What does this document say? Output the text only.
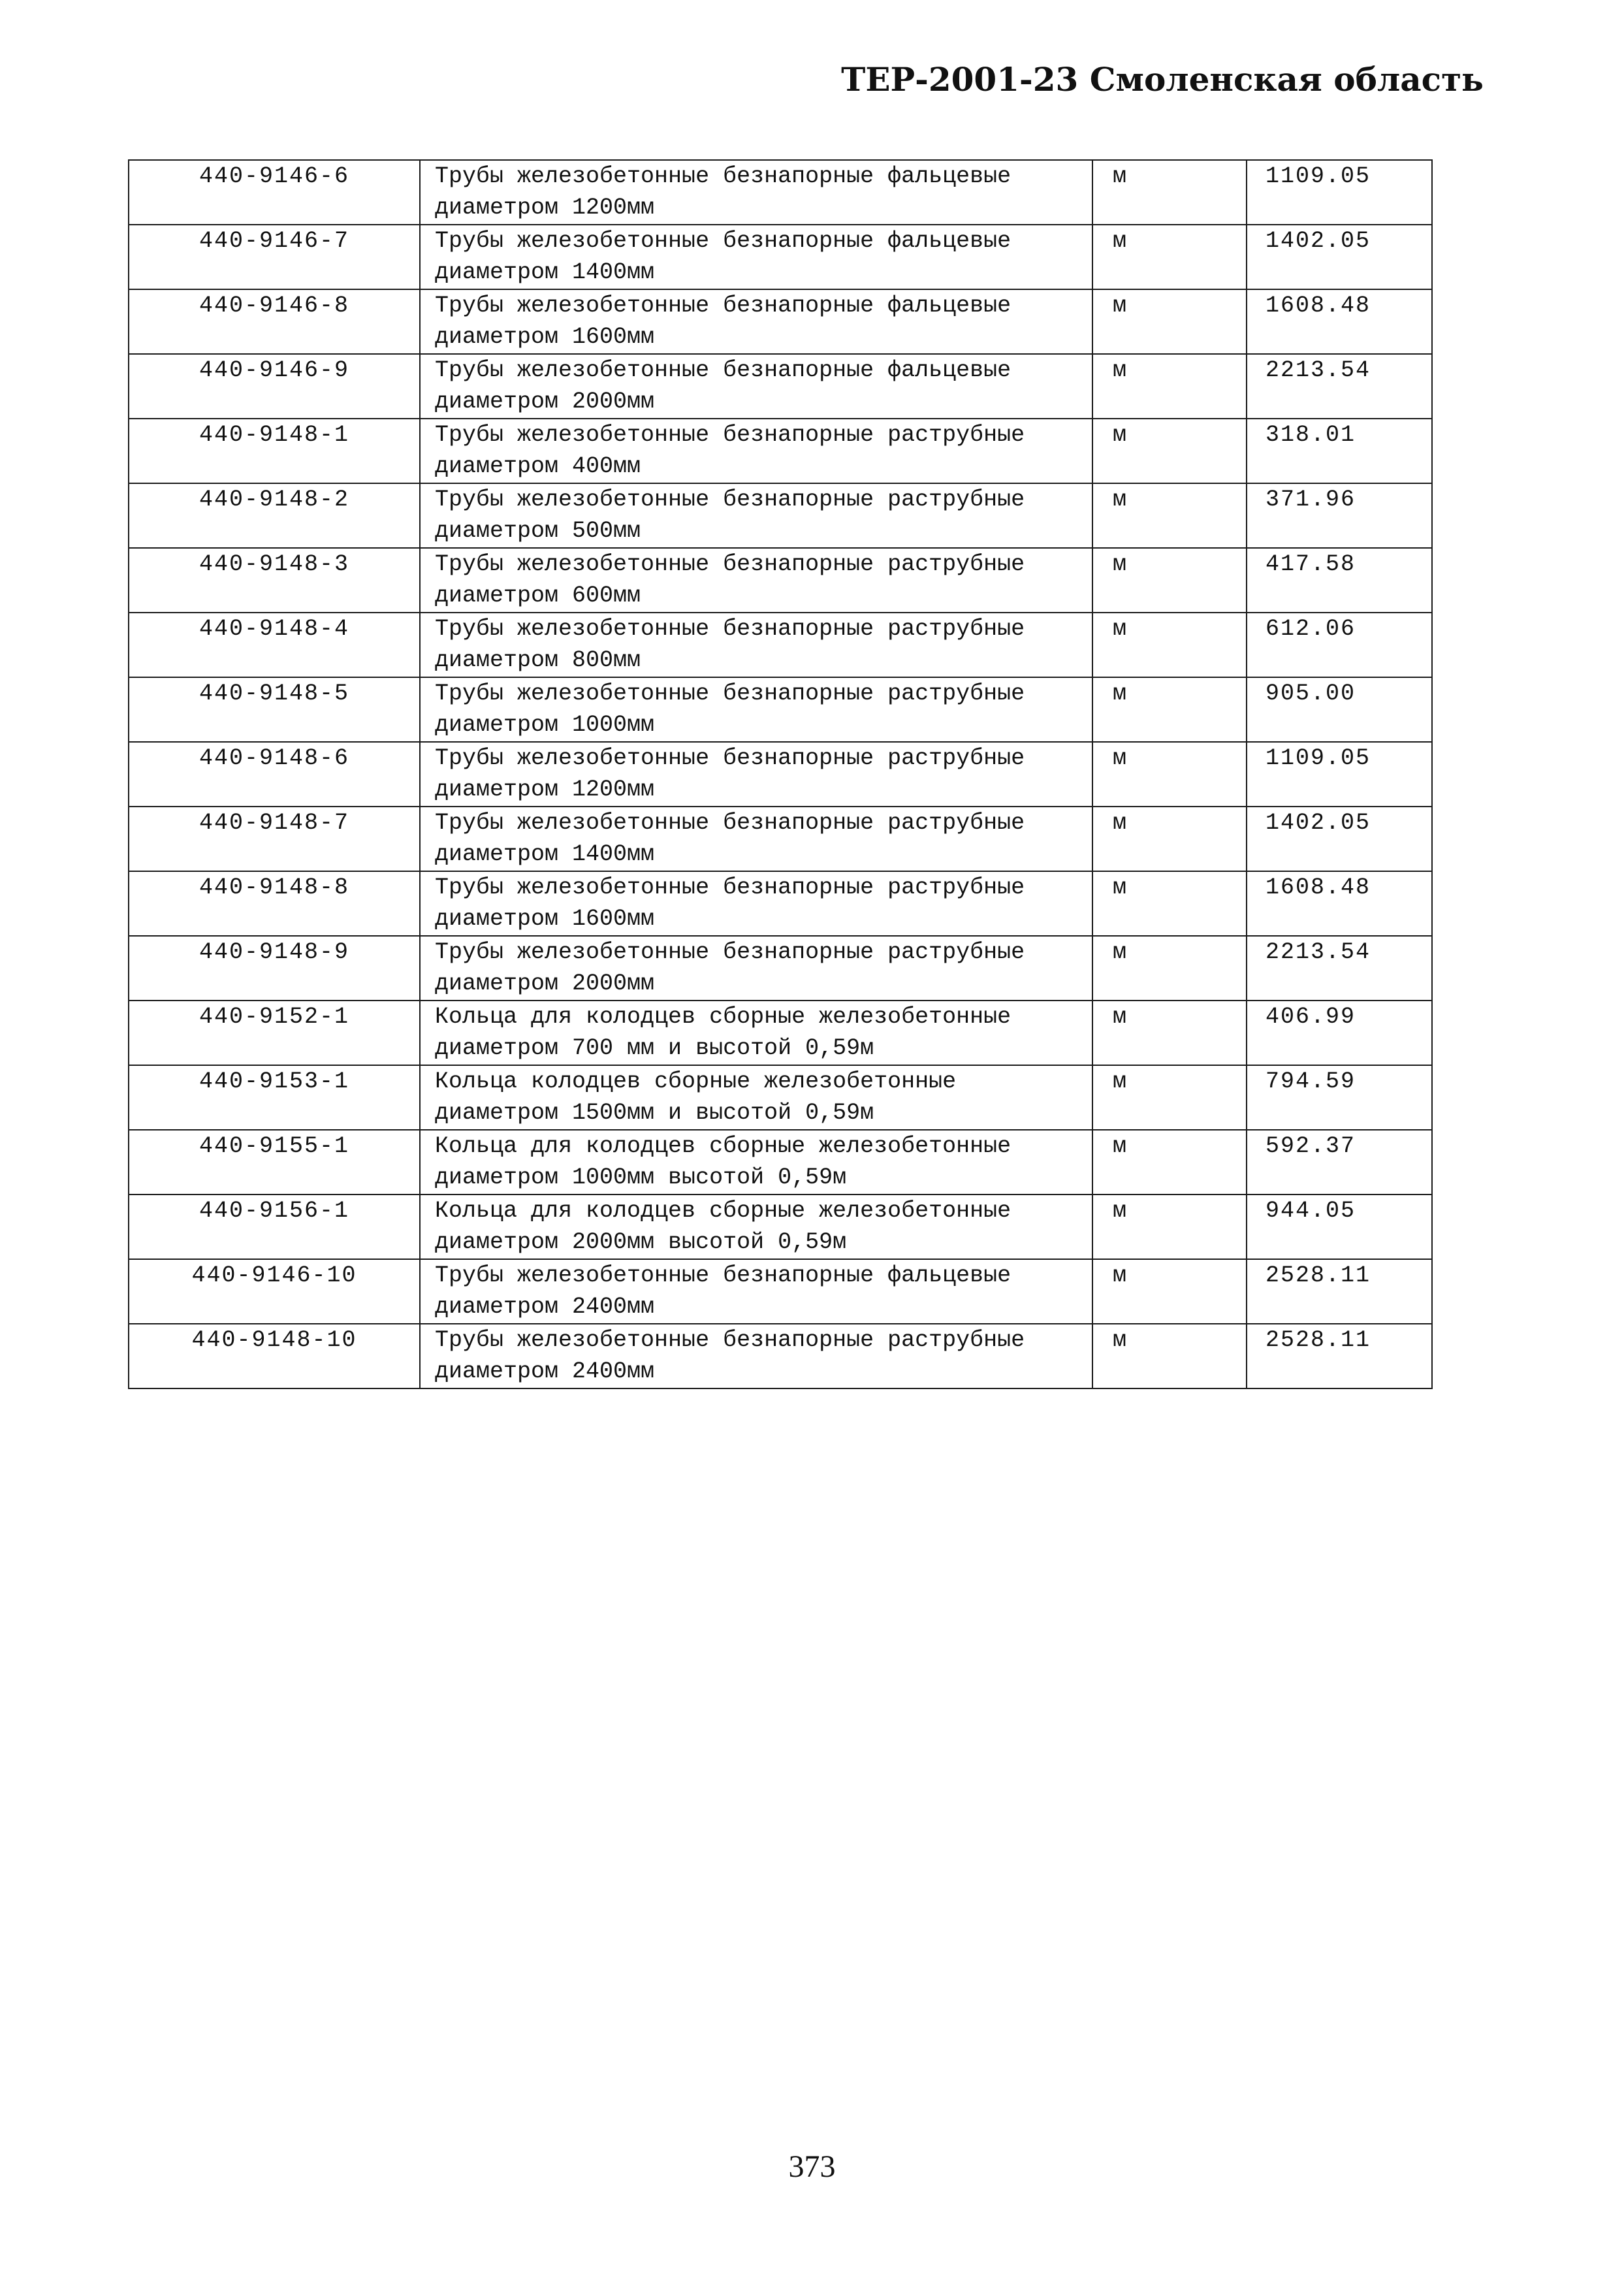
ТЕР-2001-23 Смоленская область
440-9146-6	Трубы железобетонные безнапорные фальцевые диаметром 1200мм	м	1109.05
440-9146-7	Трубы железобетонные безнапорные фальцевые диаметром 1400мм	м	1402.05
440-9146-8	Трубы железобетонные безнапорные фальцевые диаметром 1600мм	м	1608.48
440-9146-9	Трубы железобетонные безнапорные фальцевые диаметром 2000мм	м	2213.54
440-9148-1	Трубы железобетонные безнапорные раструбные диаметром 400мм	м	318.01
440-9148-2	Трубы железобетонные безнапорные раструбные диаметром 500мм	м	371.96
440-9148-3	Трубы железобетонные безнапорные раструбные диаметром 600мм	м	417.58
440-9148-4	Трубы железобетонные безнапорные раструбные диаметром 800мм	м	612.06
440-9148-5	Трубы железобетонные безнапорные раструбные диаметром 1000мм	м	905.00
440-9148-6	Трубы железобетонные безнапорные раструбные диаметром 1200мм	м	1109.05
440-9148-7	Трубы железобетонные безнапорные раструбные диаметром 1400мм	м	1402.05
440-9148-8	Трубы железобетонные безнапорные раструбные диаметром 1600мм	м	1608.48
440-9148-9	Трубы железобетонные безнапорные раструбные диаметром 2000мм	м	2213.54
440-9152-1	Кольца для колодцев сборные железобетонные диаметром 700 мм и высотой 0,59м	м	406.99
440-9153-1	Кольца колодцев сборные железобетонные диаметром 1500мм и высотой 0,59м	м	794.59
440-9155-1	Кольца для колодцев сборные железобетонные диаметром 1000мм высотой 0,59м	м	592.37
440-9156-1	Кольца для колодцев сборные железобетонные диаметром 2000мм высотой 0,59м	м	944.05
440-9146-10	Трубы железобетонные безнапорные фальцевые диаметром 2400мм	м	2528.11
440-9148-10	Трубы железобетонные безнапорные раструбные диаметром 2400мм	м	2528.11
373
